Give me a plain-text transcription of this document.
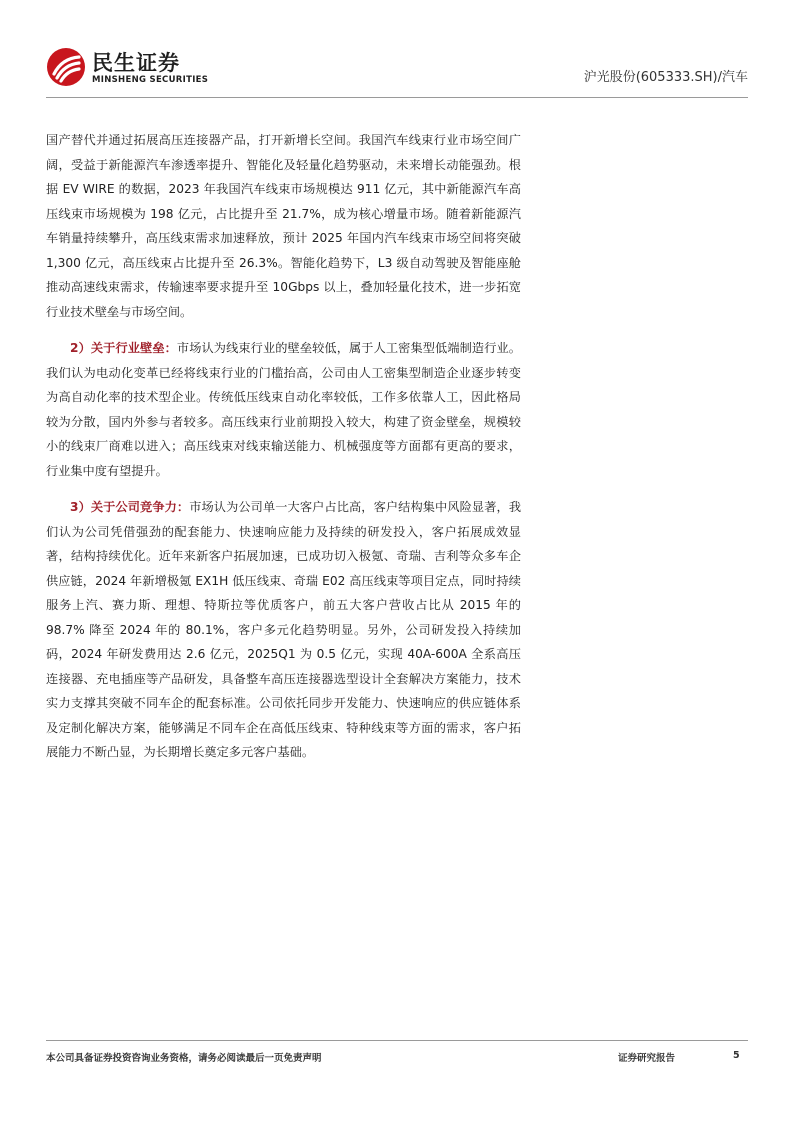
民生证券
MINSHENG SECURITIES	沪光股份(605333.SH)/汽车

国产替代并通过拓展高压连接器产品，打开新增长空间。我国汽车线束行业市场空间广阔，受益于新能源汽车渗透率提升、智能化及轻量化趋势驱动，未来增长动能强劲。根据 EV WIRE 的数据，2023 年我国汽车线束市场规模达 911 亿元，其中新能源汽车高压线束市场规模为 198 亿元，占比提升至 21.7%，成为核心增量市场。随着新能源汽车销量持续攀升，高压线束需求加速释放，预计 2025 年国内汽车线束市场空间将突破 1,300 亿元，高压线束占比提升至 26.3%。智能化趋势下，L3 级自动驾驶及智能座舱推动高速线束需求，传输速率要求提升至 10Gbps 以上，叠加轻量化技术，进一步拓宽行业技术壁垒与市场空间。

2）关于行业壁垒：市场认为线束行业的壁垒较低，属于人工密集型低端制造行业。我们认为电动化变革已经将线束行业的门槛抬高，公司由人工密集型制造企业逐步转变为高自动化率的技术型企业。传统低压线束自动化率较低，工作多依靠人工，因此格局较为分散，国内外参与者较多。高压线束行业前期投入较大，构建了资金壁垒，规模较小的线束厂商难以进入；高压线束对线束输送能力、机械强度等方面都有更高的要求，行业集中度有望提升。

3）关于公司竞争力：市场认为公司单一大客户占比高，客户结构集中风险显著，我们认为公司凭借强劲的配套能力、快速响应能力及持续的研发投入，客户拓展成效显著，结构持续优化。近年来新客户拓展加速，已成功切入极氪、奇瑞、吉利等众多车企供应链，2024 年新增极氪 EX1H 低压线束、奇瑞 E02 高压线束等项目定点，同时持续服务上汽、赛力斯、理想、特斯拉等优质客户，前五大客户营收占比从 2015 年的 98.7% 降至 2024 年的 80.1%，客户多元化趋势明显。另外，公司研发投入持续加码，2024 年研发费用达 2.6 亿元，2025Q1 为 0.5 亿元，实现 40A-600A 全系高压连接器、充电插座等产品研发，具备整车高压连接器选型设计全套解决方案能力，技术实力支撑其突破不同车企的配套标准。公司依托同步开发能力、快速响应的供应链体系及定制化解决方案，能够满足不同车企在高低压线束、特种线束等方面的需求，客户拓展能力不断凸显，为长期增长奠定多元客户基础。

本公司具备证券投资咨询业务资格，请务必阅读最后一页免责声明	证券研究报告	5
